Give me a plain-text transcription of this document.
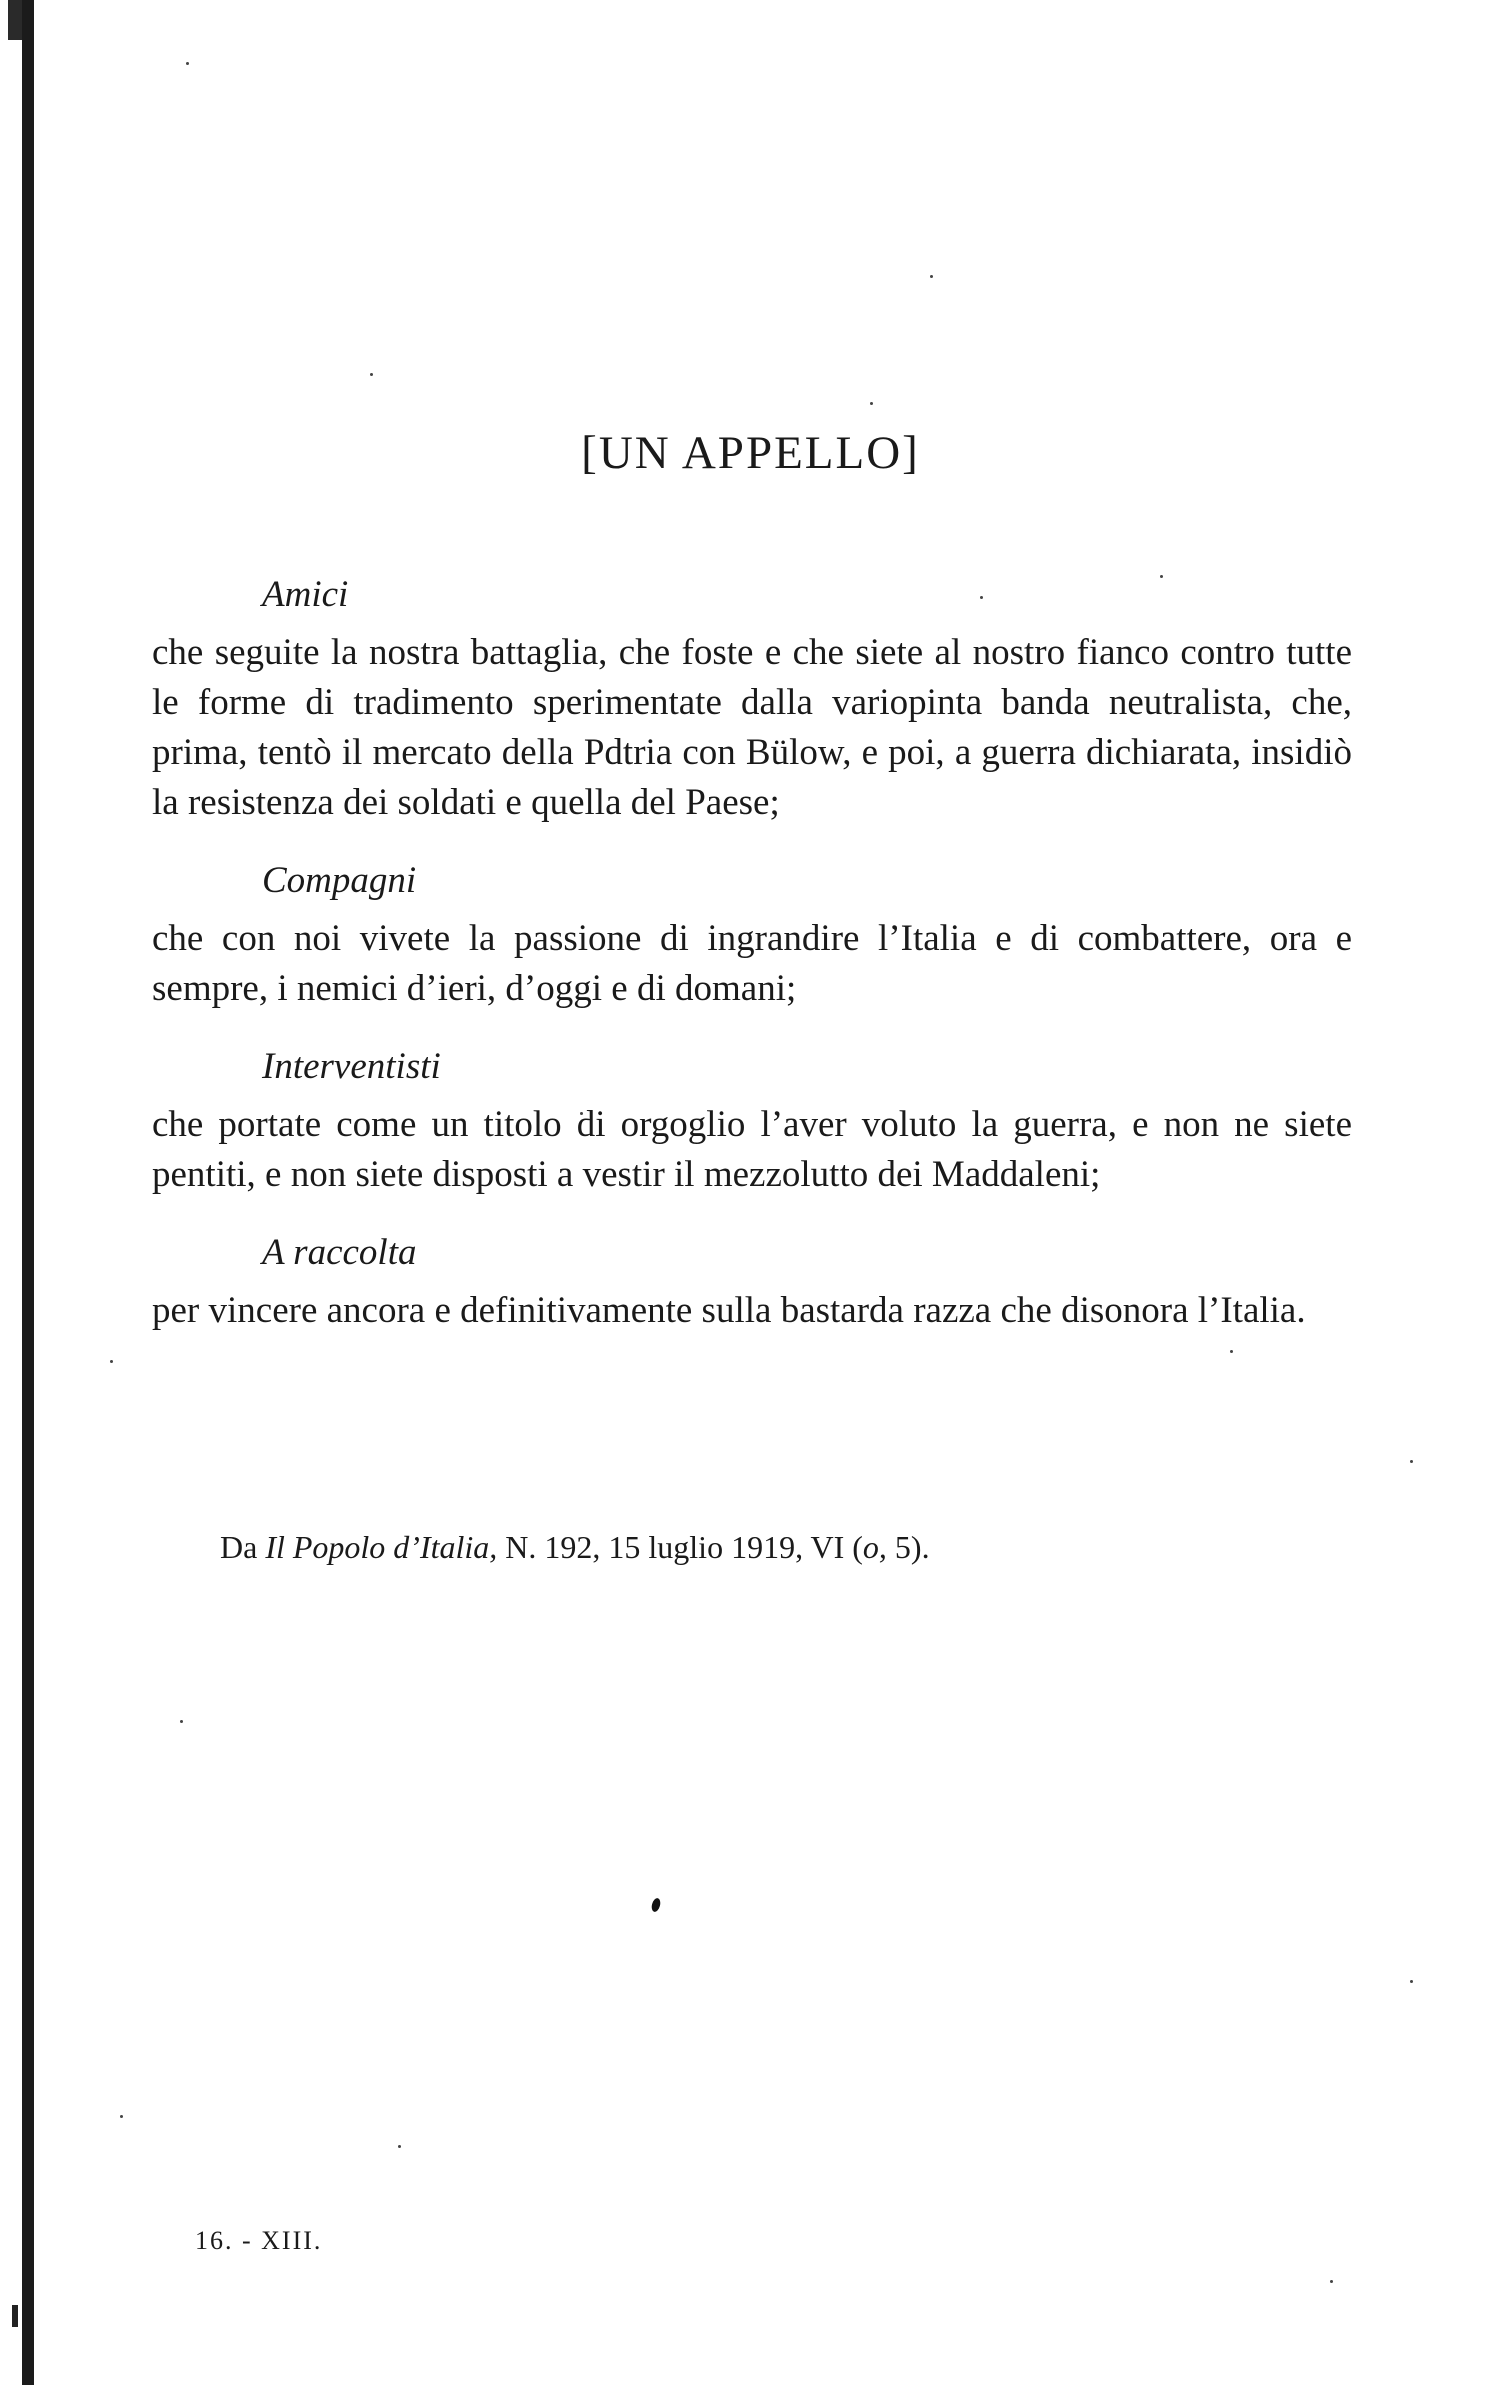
[UN APPELLO]
Amici

che seguite la nostra battaglia, che foste e che siete al nostro fianco contro tutte le forme di tradimento sperimentate dalla variopinta banda neutralista, che, prima, tentò il mercato della Pdtria con Bülow, e poi, a guerra dichiarata, insidiò la resistenza dei soldati e quella del Paese;

Compagni

che con noi vivete la passione di ingrandire l’Italia e di combattere, ora e sempre, i nemici d’ieri, d’oggi e di domani;

Interventisti

che portate come un titolo di orgoglio l’aver voluto la guerra, e non ne siete pentiti, e non siete disposti a vestir il mezzolutto dei Maddaleni;

A raccolta

per vincere ancora e definitivamente sulla bastarda razza che disonora l’Italia.

Da Il Popolo d’Italia, N. 192, 15 luglio 1919, VI (o, 5).
16. - XIII.
